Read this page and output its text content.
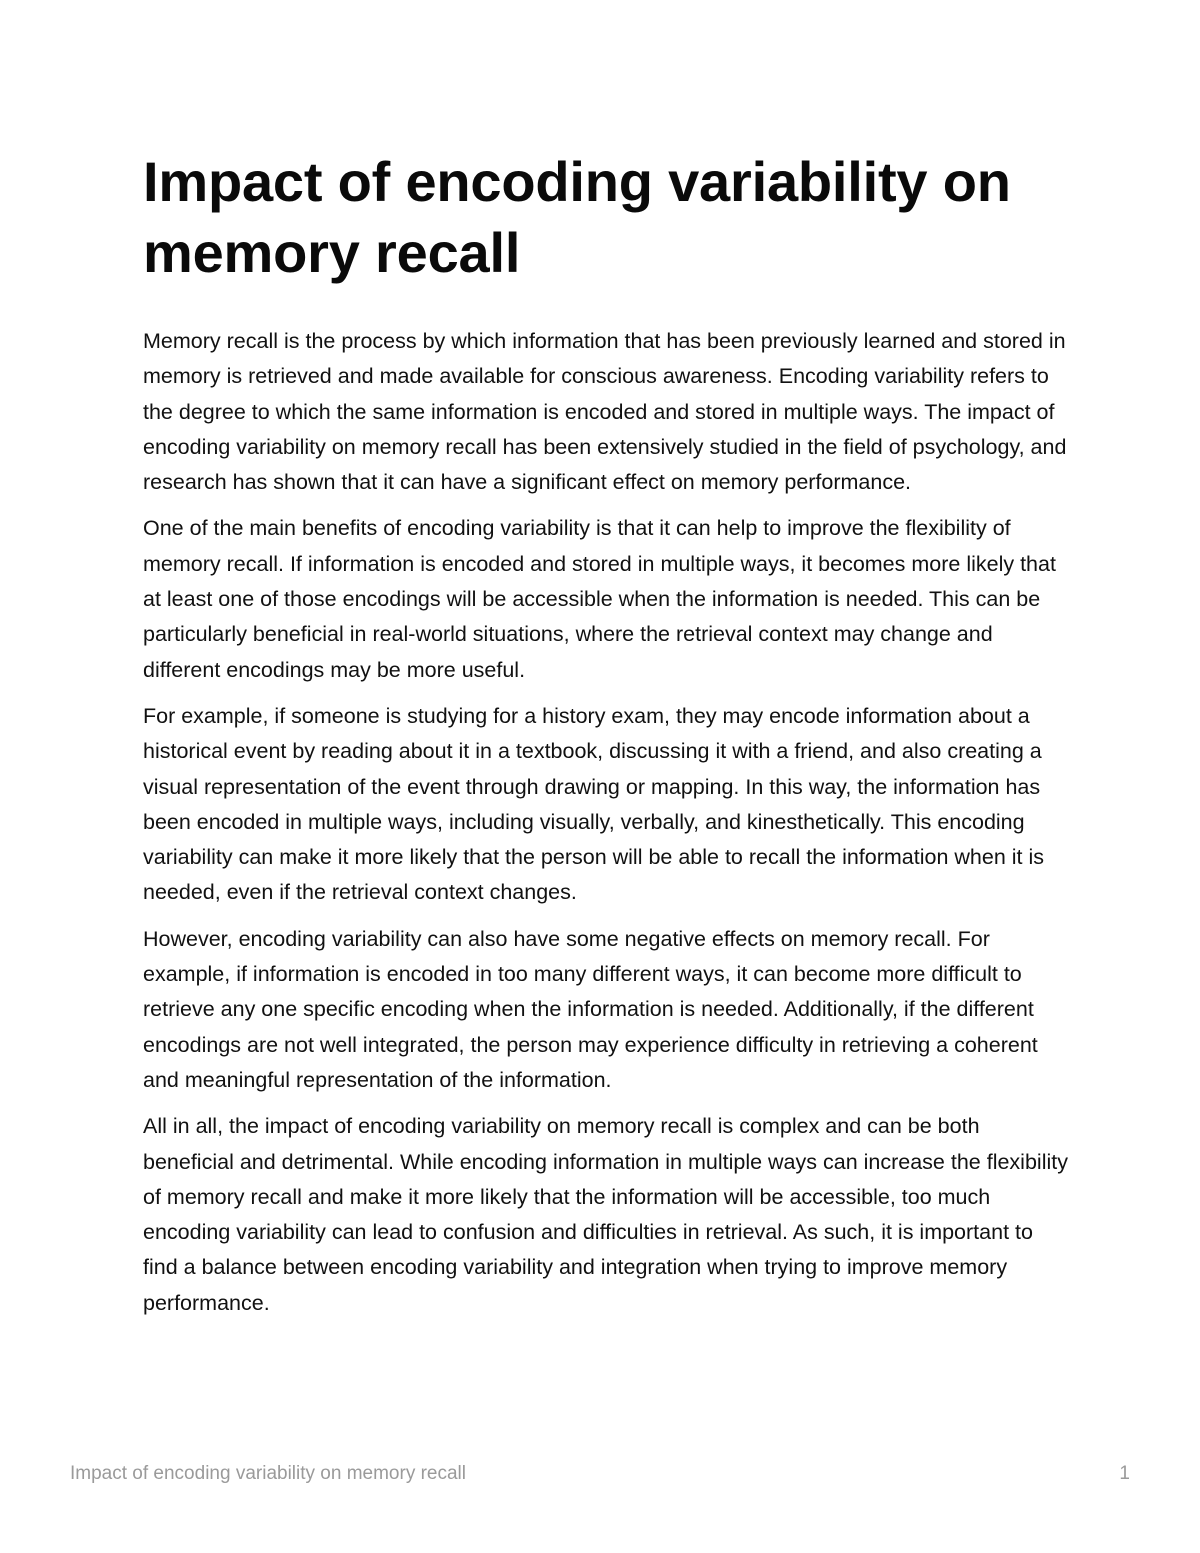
Impact of encoding variability on memory recall

Memory recall is the process by which information that has been previously learned and stored in memory is retrieved and made available for conscious awareness. Encoding variability refers to the degree to which the same information is encoded and stored in multiple ways. The impact of encoding variability on memory recall has been extensively studied in the field of psychology, and research has shown that it can have a significant effect on memory performance.

One of the main benefits of encoding variability is that it can help to improve the flexibility of memory recall. If information is encoded and stored in multiple ways, it becomes more likely that at least one of those encodings will be accessible when the information is needed. This can be particularly beneficial in real-world situations, where the retrieval context may change and different encodings may be more useful.

For example, if someone is studying for a history exam, they may encode information about a historical event by reading about it in a textbook, discussing it with a friend, and also creating a visual representation of the event through drawing or mapping. In this way, the information has been encoded in multiple ways, including visually, verbally, and kinesthetically. This encoding variability can make it more likely that the person will be able to recall the information when it is needed, even if the retrieval context changes.

However, encoding variability can also have some negative effects on memory recall. For example, if information is encoded in too many different ways, it can become more difficult to retrieve any one specific encoding when the information is needed. Additionally, if the different encodings are not well integrated, the person may experience difficulty in retrieving a coherent and meaningful representation of the information.

All in all, the impact of encoding variability on memory recall is complex and can be both beneficial and detrimental. While encoding information in multiple ways can increase the flexibility of memory recall and make it more likely that the information will be accessible, too much encoding variability can lead to confusion and difficulties in retrieval. As such, it is important to find a balance between encoding variability and integration when trying to improve memory performance.

Impact of encoding variability on memory recall	1
